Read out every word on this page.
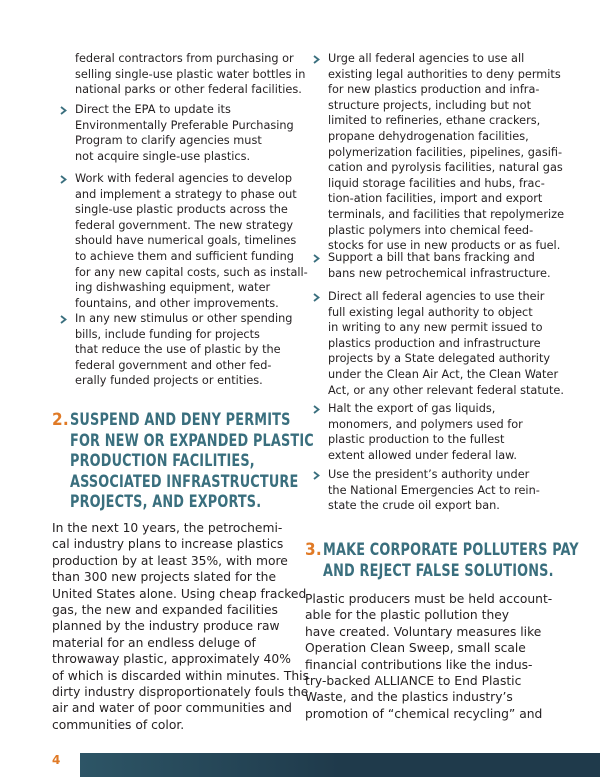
federal contractors from purchasing or
selling single-use plastic water bottles in
national parks or other federal facilities.
Direct the EPA to update its
Environmentally Preferable Purchasing
Program to clarify agencies must
not acquire single-use plastics.
Work with federal agencies to develop
and implement a strategy to phase out
single-use plastic products across the
federal government. The new strategy
should have numerical goals, timelines
to achieve them and sufficient funding
for any new capital costs, such as install-
ing dishwashing equipment, water
fountains, and other improvements.
In any new stimulus or other spending
bills, include funding for projects
that reduce the use of plastic by the
federal government and other fed-
erally funded projects or entities.
2. SUSPEND AND DENY PERMITS
FOR NEW OR EXPANDED PLASTIC
PRODUCTION FACILITIES,
ASSOCIATED INFRASTRUCTURE
PROJECTS, AND EXPORTS.
In the next 10 years, the petrochemi-
cal industry plans to increase plastics
production by at least 35%, with more
than 300 new projects slated for the
United States alone. Using cheap fracked
gas, the new and expanded facilities
planned by the industry produce raw
material for an endless deluge of
throwaway plastic, approximately 40%
of which is discarded within minutes. This
dirty industry disproportionately fouls the
air and water of poor communities and
communities of color.
Urge all federal agencies to use all
existing legal authorities to deny permits
for new plastics production and infra-
structure projects, including but not
limited to refineries, ethane crackers,
propane dehydrogenation facilities,
polymerization facilities, pipelines, gasifi-
cation and pyrolysis facilities, natural gas
liquid storage facilities and hubs, frac-
tion-ation facilities, import and export
terminals, and facilities that repolymerize
plastic polymers into chemical feed-
stocks for use in new products or as fuel.
Support a bill that bans fracking and
bans new petrochemical infrastructure.
Direct all federal agencies to use their
full existing legal authority to object
in writing to any new permit issued to
plastics production and infrastructure
projects by a State delegated authority
under the Clean Air Act, the Clean Water
Act, or any other relevant federal statute.
Halt the export of gas liquids,
monomers, and polymers used for
plastic production to the fullest
extent allowed under federal law.
Use the president’s authority under
the National Emergencies Act to rein-
state the crude oil export ban.
3. MAKE CORPORATE POLLUTERS PAY
AND REJECT FALSE SOLUTIONS.
Plastic producers must be held account-
able for the plastic pollution they
have created. Voluntary measures like
Operation Clean Sweep, small scale
financial contributions like the indus-
try-backed ALLIANCE to End Plastic
Waste, and the plastics industry’s
promotion of “chemical recycling” and
4
